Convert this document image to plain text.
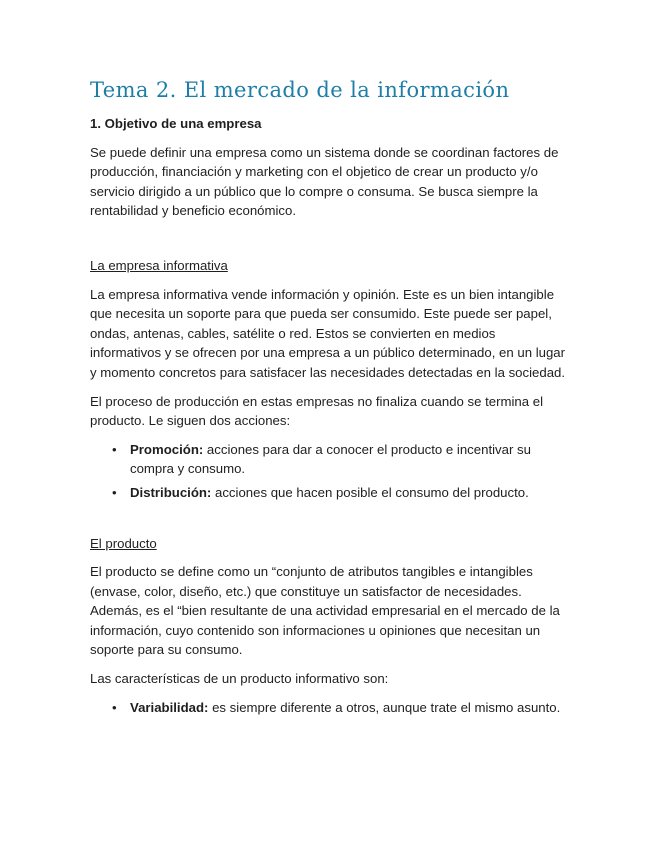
Tema 2. El mercado de la información
1. Objetivo de una empresa

Se puede definir una empresa como un sistema donde se coordinan factores de producción, financiación y marketing con el objetico de crear un producto y/o servicio dirigido a un público que lo compre o consuma. Se busca siempre la rentabilidad y beneficio económico.

La empresa informativa

La empresa informativa vende información y opinión. Este es un bien intangible que necesita un soporte para que pueda ser consumido. Este puede ser papel, ondas, antenas, cables, satélite o red. Estos se convierten en medios informativos y se ofrecen por una empresa a un público determinado, en un lugar y momento concretos para satisfacer las necesidades detectadas en la sociedad.

El proceso de producción en estas empresas no finaliza cuando se termina el producto. Le siguen dos acciones:

• Promoción: acciones para dar a conocer el producto e incentivar su compra y consumo.
• Distribución: acciones que hacen posible el consumo del producto.
El producto

El producto se define como un “conjunto de atributos tangibles e intangibles (envase, color, diseño, etc.) que constituye un satisfactor de necesidades. Además, es el “bien resultante de una actividad empresarial en el mercado de la información, cuyo contenido son informaciones u opiniones que necesitan un soporte para su consumo.

Las características de un producto informativo son:

• Variabilidad: es siempre diferente a otros, aunque trate el mismo asunto.
